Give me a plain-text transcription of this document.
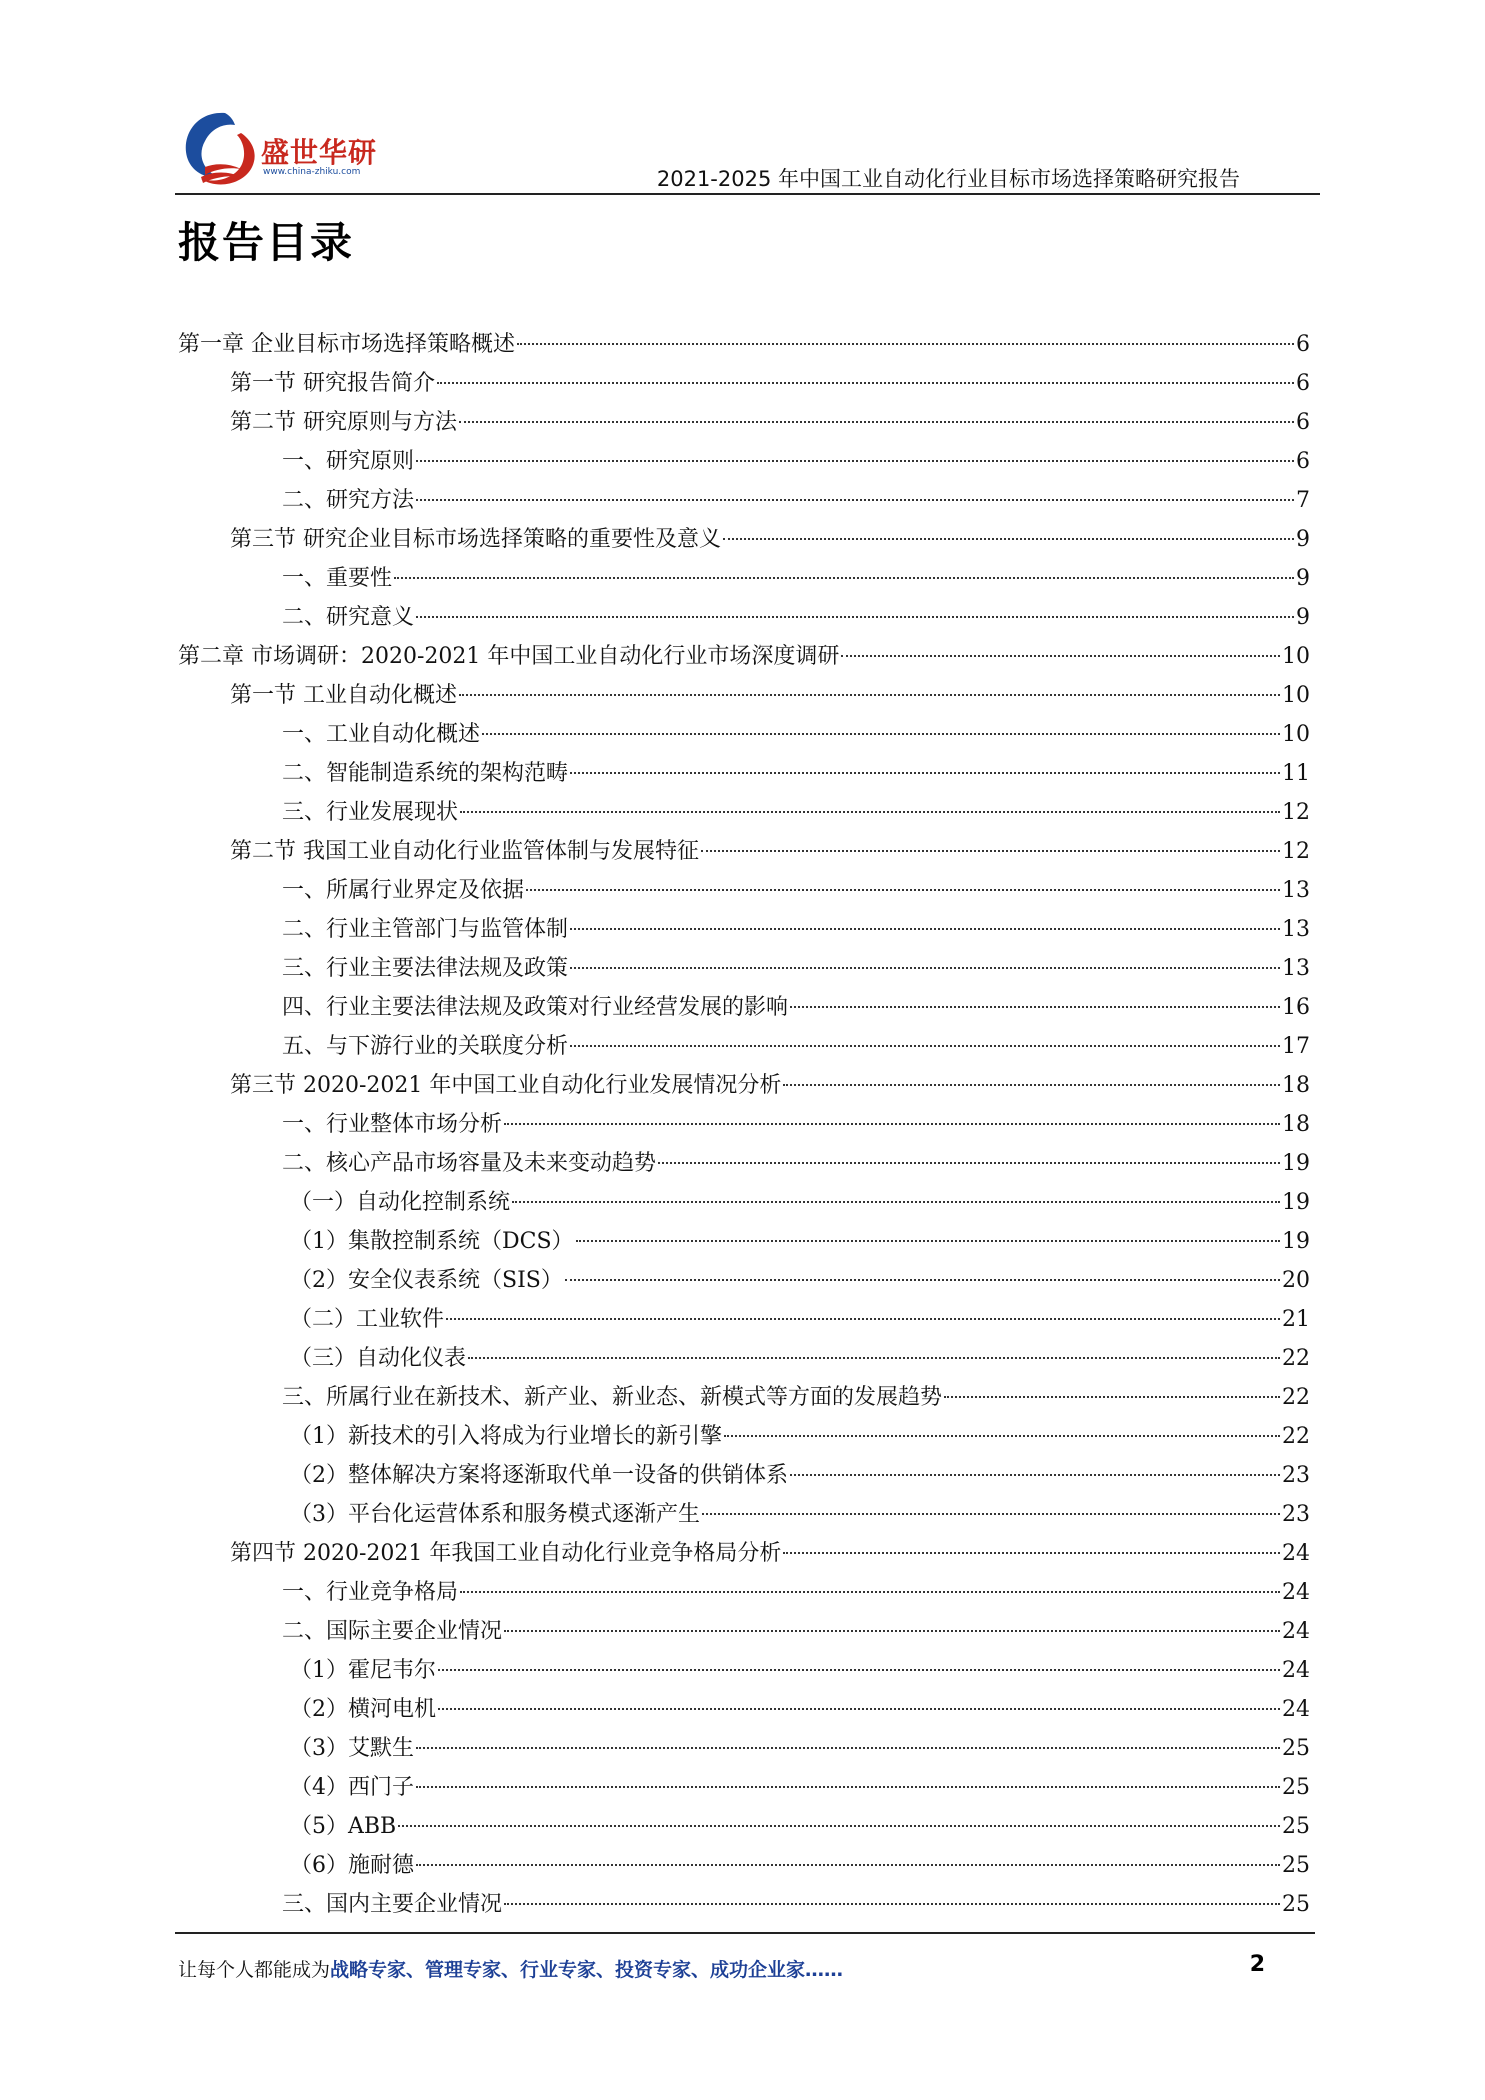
盛世华研
www.china-zhiku.com	2021-2025 年中国工业自动化行业目标市场选择策略研究报告
报告目录
第一章 企业目标市场选择策略概述	6
第一节 研究报告简介	6
第二节 研究原则与方法	6
一、研究原则	6
二、研究方法	7
第三节 研究企业目标市场选择策略的重要性及意义	9
一、重要性	9
二、研究意义	9
第二章 市场调研：2020-2021 年中国工业自动化行业市场深度调研	10
第一节 工业自动化概述	10
一、工业自动化概述	10
二、智能制造系统的架构范畴	11
三、行业发展现状	12
第二节 我国工业自动化行业监管体制与发展特征	12
一、所属行业界定及依据	13
二、行业主管部门与监管体制	13
三、行业主要法律法规及政策	13
四、行业主要法律法规及政策对行业经营发展的影响	16
五、与下游行业的关联度分析	17
第三节 2020-2021 年中国工业自动化行业发展情况分析	18
一、行业整体市场分析	18
二、核心产品市场容量及未来变动趋势	19
（一）自动化控制系统	19
（1）集散控制系统（DCS）	19
（2）安全仪表系统（SIS）	20
（二）工业软件	21
（三）自动化仪表	22
三、所属行业在新技术、新产业、新业态、新模式等方面的发展趋势	22
（1）新技术的引入将成为行业增长的新引擎	22
（2）整体解决方案将逐渐取代单一设备的供销体系	23
（3）平台化运营体系和服务模式逐渐产生	23
第四节 2020-2021 年我国工业自动化行业竞争格局分析	24
一、行业竞争格局	24
二、国际主要企业情况	24
（1）霍尼韦尔	24
（2）横河电机	24
（3）艾默生	25
（4）西门子	25
（5）ABB	25
（6）施耐德	25
三、国内主要企业情况	25
让每个人都能成为战略专家、管理专家、行业专家、投资专家、成功企业家……	2
